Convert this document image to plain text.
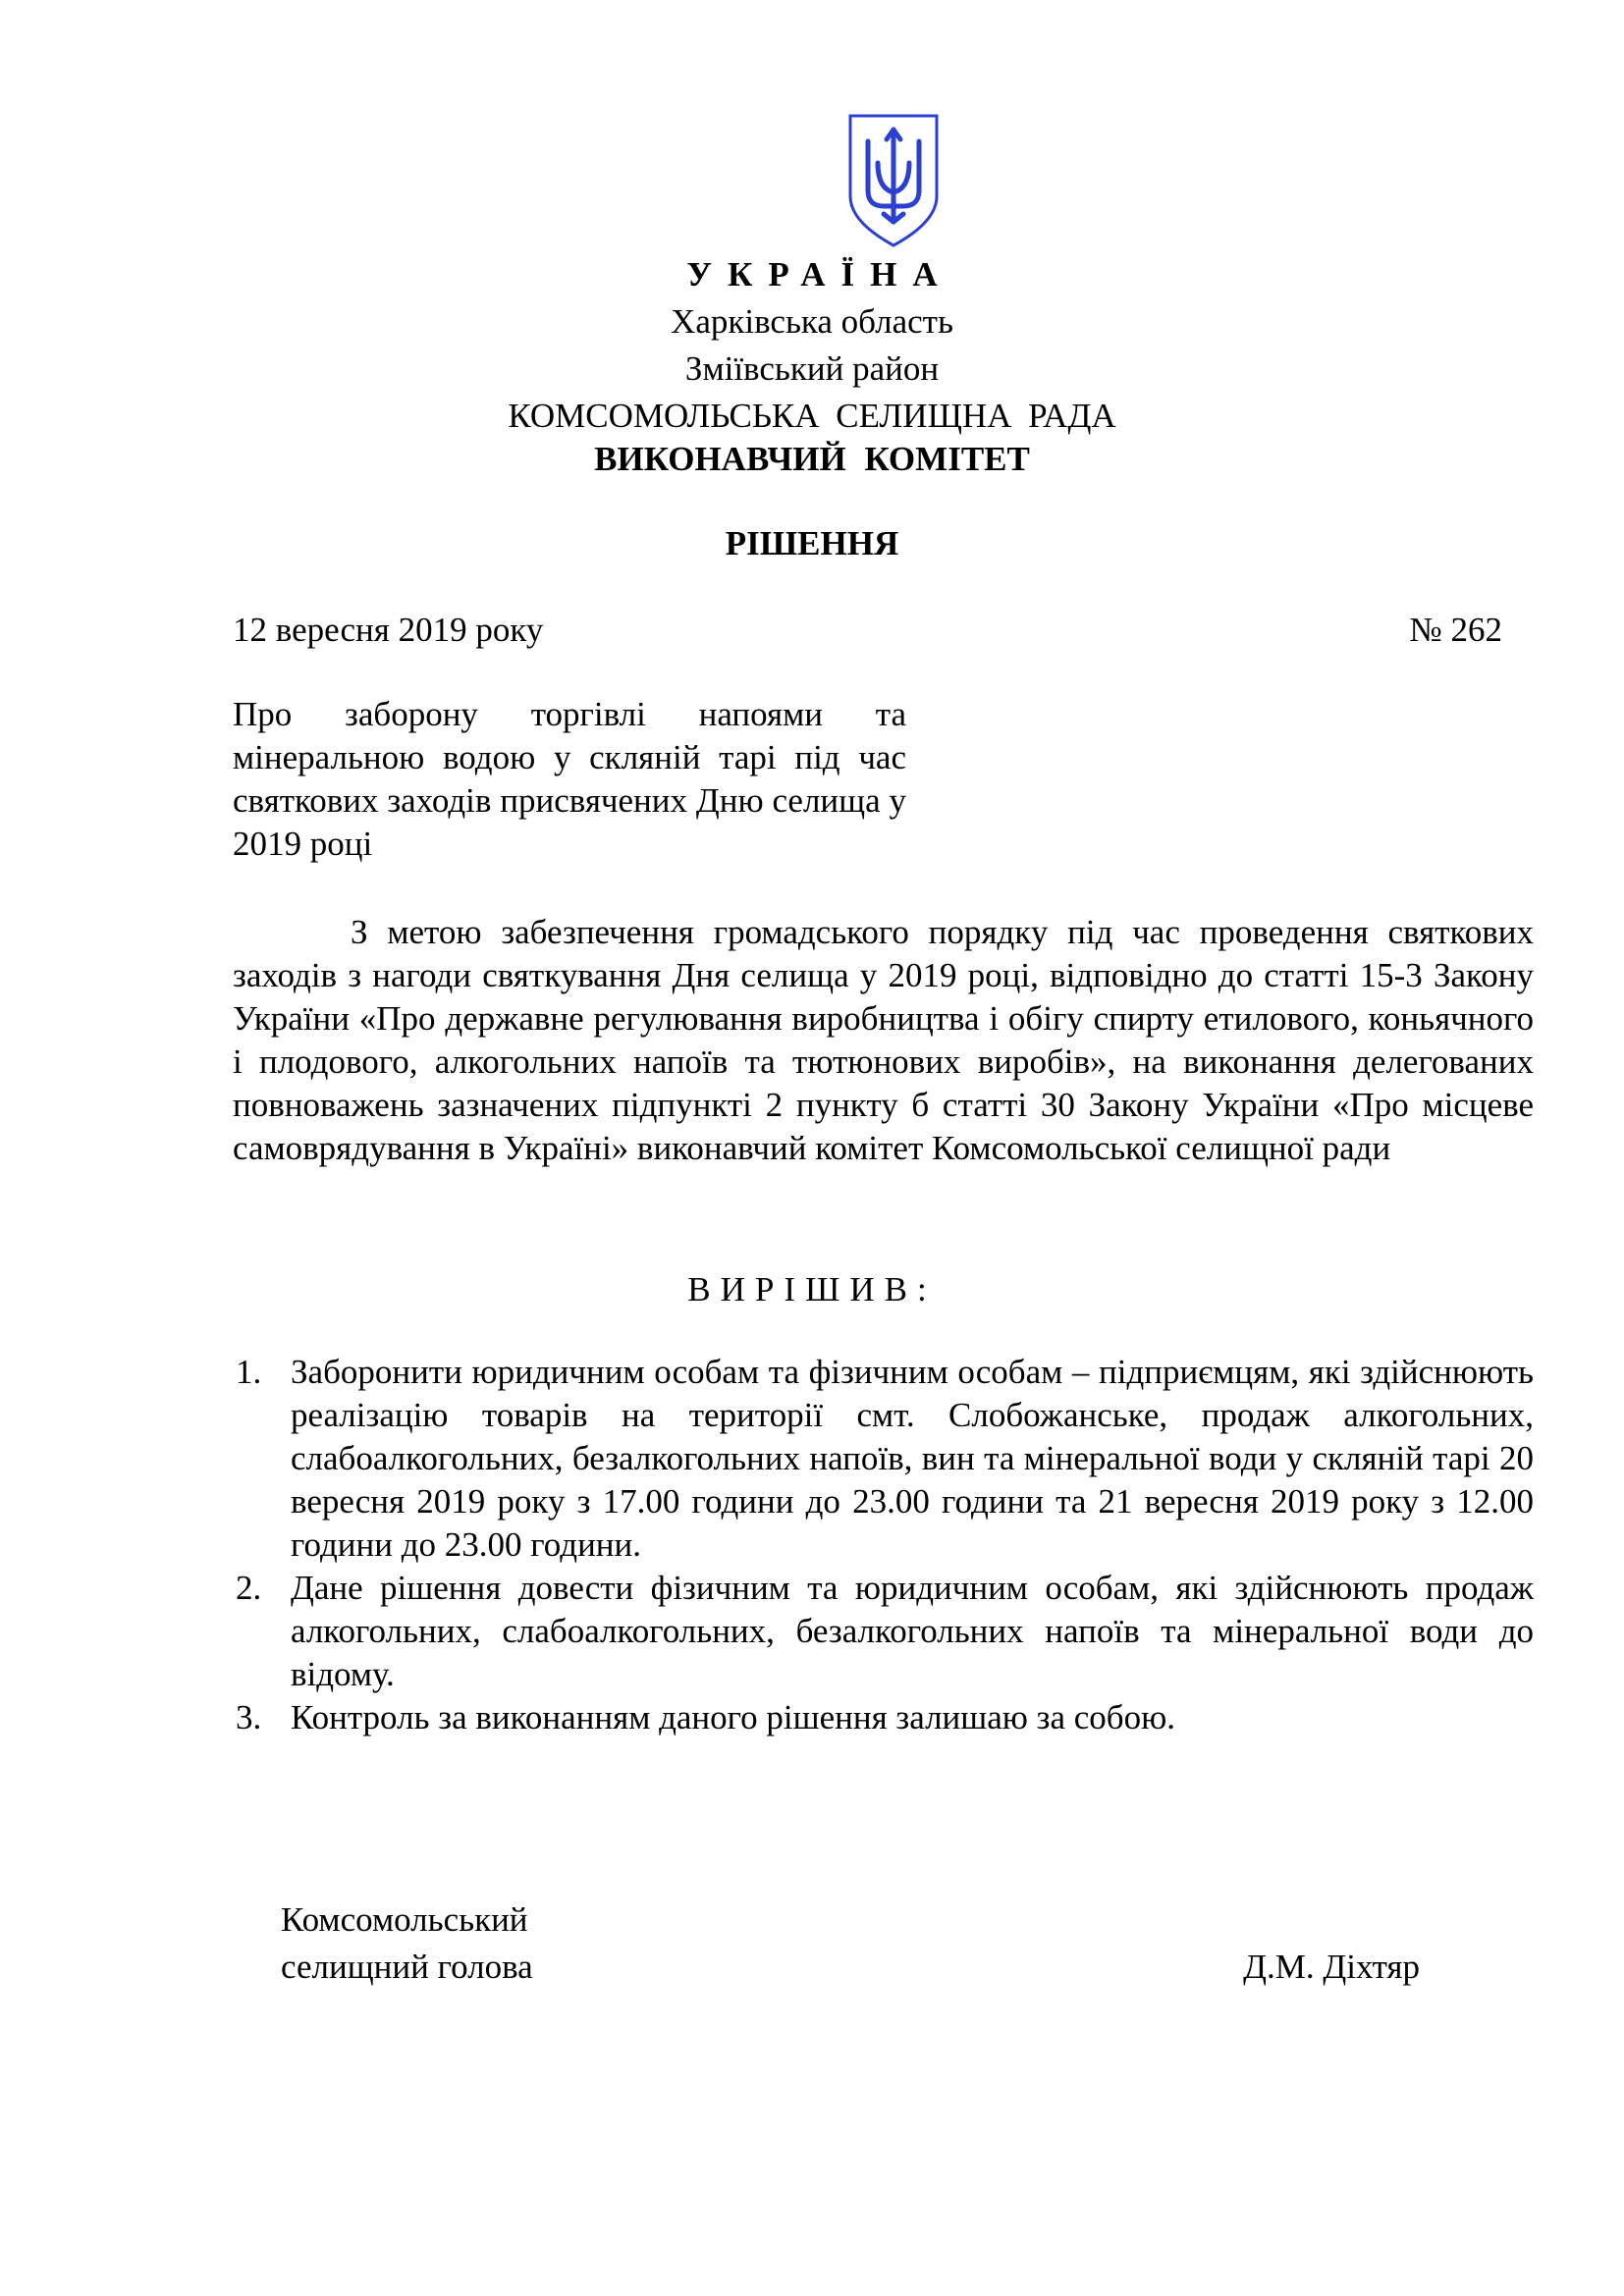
УКРАЇНА
Харківська область
Зміївський район
КОМСОМОЛЬСЬКА СЕЛИЩНА РАДА
ВИКОНАВЧИЙ КОМІТЕТ
РІШЕННЯ
12 вересня 2019 року	№ 262
Про заборону торгівлі напоями та мінеральною водою у скляній тарі під час святкових заходів присвячених Дню селища у 2019 році
З метою забезпечення громадського порядку під час проведення святкових заходів з нагоди святкування Дня селища у 2019 році, відповідно до статті 15-3 Закону України «Про державне регулювання виробництва і обігу спирту етилового, коньячного і плодового, алкогольних напоїв та тютюнових виробів», на виконання делегованих повноважень зазначених підпункті 2 пункту б статті 30 Закону України «Про місцеве самоврядування в Україні» виконавчий комітет Комсомольської селищної ради
ВИРІШИВ:
1. Заборонити юридичним особам та фізичним особам – підприємцям, які здійснюють реалізацію товарів на території смт. Слобожанське, продаж алкогольних, слабоалкогольних, безалкогольних напоїв, вин та мінеральної води у скляній тарі 20 вересня 2019 року з 17.00 години до 23.00 години та 21 вересня 2019 року з 12.00 години до 23.00 години.
2. Дане рішення довести фізичним та юридичним особам, які здійснюють продаж алкогольних, слабоалкогольних, безалкогольних напоїв та мінеральної води до відому.
3. Контроль за виконанням даного рішення залишаю за собою.
Комсомольський
селищний голова	Д.М. Діхтяр
